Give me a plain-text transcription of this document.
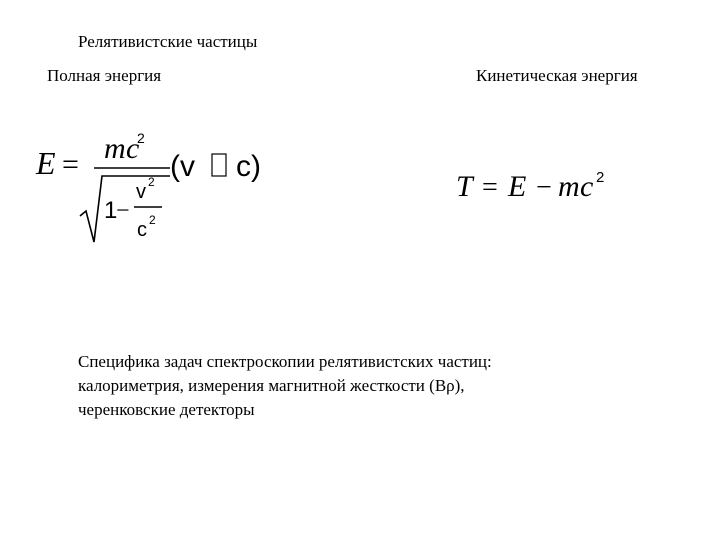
Релятивистские частицы
Полная энергия	Кинетическая энергия
E = m c
2
1
−
v 2
c 2
(v c)
T = E − m c 2
Специфика задач спектроскопии релятивистских частиц:
калориметрия, измерения магнитной жесткости (Bρ),
черенковские детекторы
